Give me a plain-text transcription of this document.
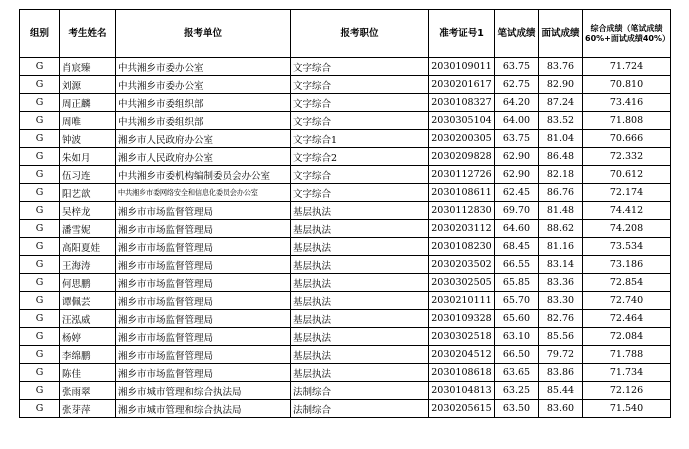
组别	考生姓名	报考单位	报考职位	准考证号1	笔试成绩	面试成绩	综合成绩（笔试成绩60%+面试成绩40%）
G	肖宸臻	中共湘乡市委办公室	文字综合	2030109011	63.75	83.76	71.724
G	刘源	中共湘乡市委办公室	文字综合	2030201617	62.75	82.90	70.810
G	周正麟	中共湘乡市委组织部	文字综合	2030108327	64.20	87.24	73.416
G	周唯	中共湘乡市委组织部	文字综合	2030305104	64.00	83.52	71.808
G	钟波	湘乡市人民政府办公室	文字综合1	2030200305	63.75	81.04	70.666
G	朱如月	湘乡市人民政府办公室	文字综合2	2030209828	62.90	86.48	72.332
G	伍习连	中共湘乡市委机构编制委员会办公室	文字综合	2030112726	62.90	82.18	70.612
G	阳艺歆	中共湘乡市委网络安全和信息化委员会办公室	文字综合	2030108611	62.45	86.76	72.174
G	吴梓龙	湘乡市市场监督管理局	基层执法	2030112830	69.70	81.48	74.412
G	潘雪妮	湘乡市市场监督管理局	基层执法	2030203112	64.60	88.62	74.208
G	高阳夏娃	湘乡市市场监督管理局	基层执法	2030108230	68.45	81.16	73.534
G	王海涛	湘乡市市场监督管理局	基层执法	2030203502	66.55	83.14	73.186
G	何思鹏	湘乡市市场监督管理局	基层执法	2030302505	65.85	83.36	72.854
G	谭佩芸	湘乡市市场监督管理局	基层执法	2030210111	65.70	83.30	72.740
G	汪泓威	湘乡市市场监督管理局	基层执法	2030109328	65.60	82.76	72.464
G	杨婷	湘乡市市场监督管理局	基层执法	2030302518	63.10	85.56	72.084
G	李绵鹏	湘乡市市场监督管理局	基层执法	2030204512	66.50	79.72	71.788
G	陈佳	湘乡市市场监督管理局	基层执法	2030108618	63.65	83.86	71.734
G	张雨翠	湘乡市城市管理和综合执法局	法制综合	2030104813	63.25	85.44	72.126
G	张芽萍	湘乡市城市管理和综合执法局	法制综合	2030205615	63.50	83.60	71.540
